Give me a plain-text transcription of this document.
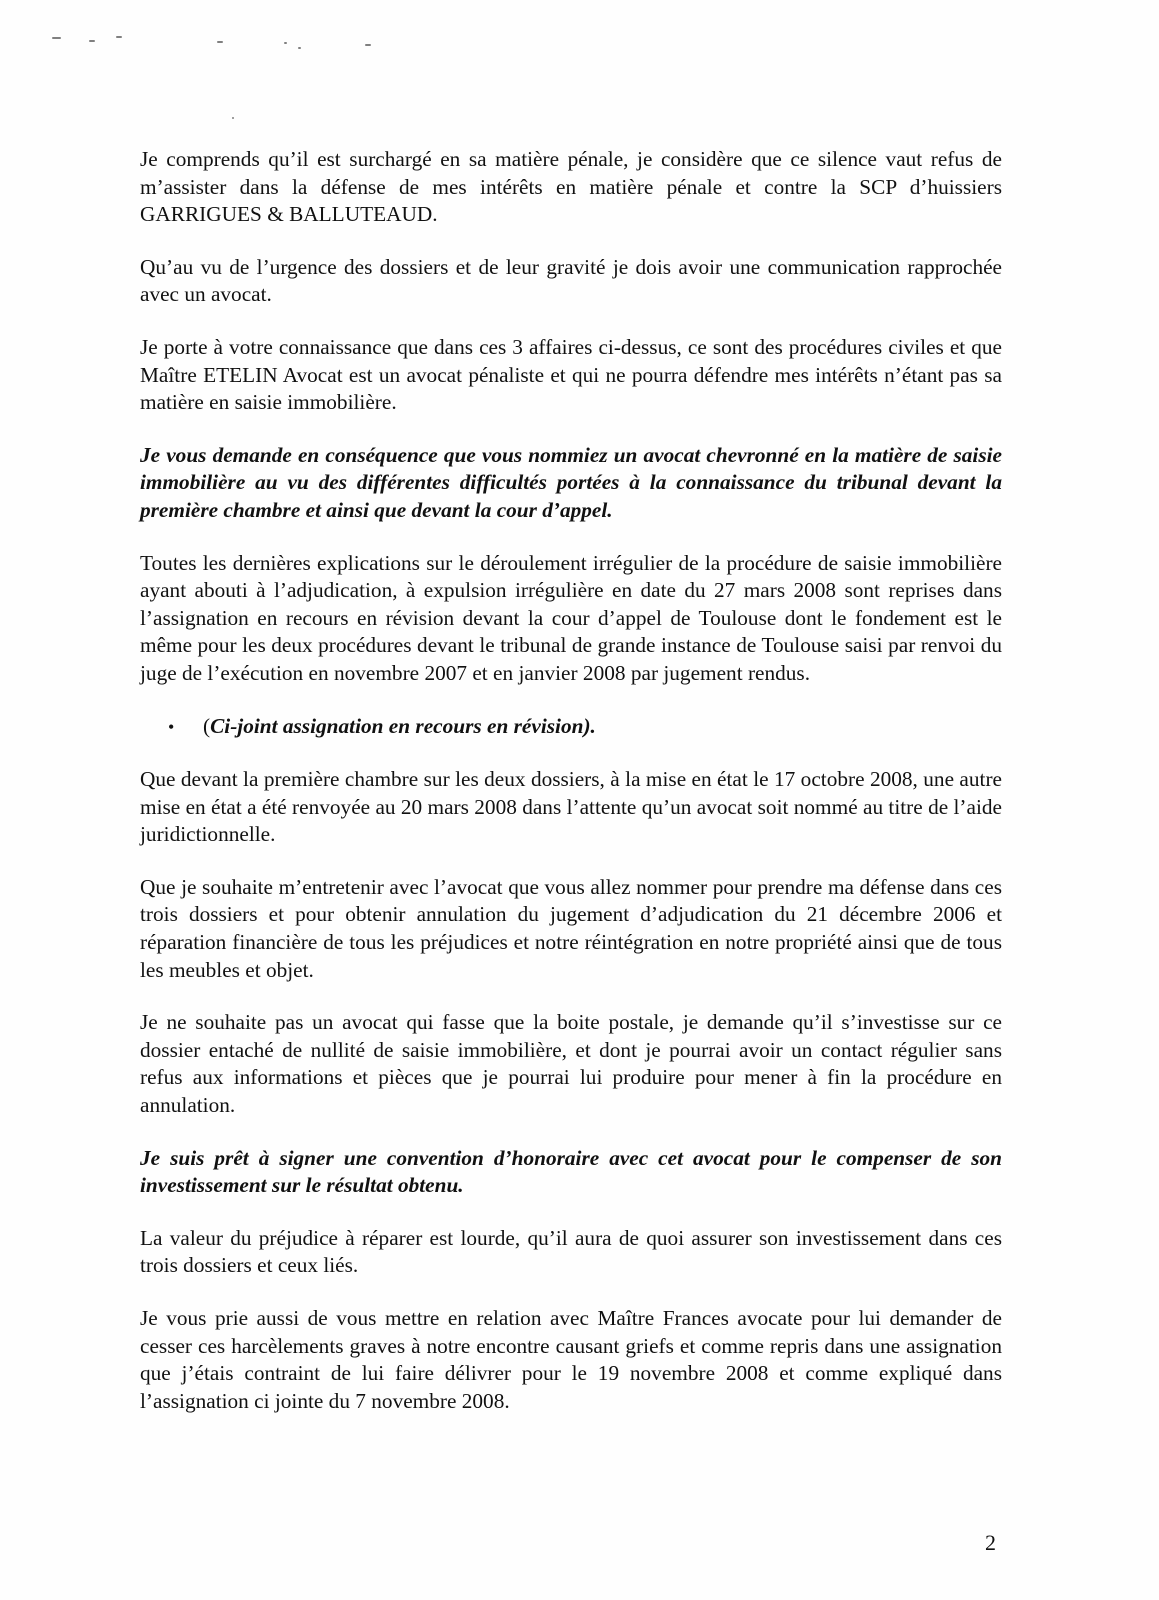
Je comprends qu’il est surchargé en sa matière pénale, je considère que ce silence vaut refus de m’assister dans la défense de mes intérêts en matière pénale et contre la SCP d’huissiers GARRIGUES & BALLUTEAUD.

Qu’au vu de l’urgence des dossiers et de leur gravité je dois avoir une communication rapprochée avec un avocat.

Je porte à votre connaissance que dans ces 3 affaires ci-dessus, ce sont des procédures civiles et que Maître ETELIN Avocat est un avocat pénaliste et qui ne pourra défendre mes intérêts n’étant pas sa matière en saisie immobilière.

Je vous demande en conséquence que vous nommiez un avocat chevronné en la matière de saisie immobilière au vu des différentes difficultés portées à la connaissance du tribunal devant la première chambre et ainsi que devant la cour d’appel.

Toutes les dernières explications sur le déroulement irrégulier de la procédure de saisie immobilière ayant abouti à l’adjudication, à expulsion irrégulière en date du 27 mars 2008 sont reprises dans l’assignation en recours en révision devant la cour d’appel de Toulouse dont le fondement est le même pour les deux procédures devant le tribunal de grande instance de Toulouse saisi par renvoi du juge de l’exécution en novembre 2007 et en janvier 2008 par jugement rendus.

•	(Ci-joint assignation en recours en révision).

Que devant la première chambre sur les deux dossiers, à la mise en état le 17 octobre 2008, une autre mise en état a été renvoyée au 20 mars 2008 dans l’attente qu’un avocat soit nommé au titre de l’aide juridictionnelle.

Que je souhaite m’entretenir avec l’avocat que vous allez nommer pour prendre ma défense dans ces trois dossiers et pour obtenir annulation du jugement d’adjudication du 21 décembre 2006 et réparation financière de tous les préjudices et notre réintégration en notre propriété ainsi que de tous les meubles et objet.

Je ne souhaite pas un avocat qui fasse que la boite postale, je demande qu’il s’investisse sur ce dossier entaché de nullité de saisie immobilière, et dont je pourrai avoir un contact régulier sans refus aux informations et pièces que je pourrai lui produire pour mener à fin la procédure en annulation.

Je suis prêt à signer une convention d’honoraire avec cet avocat pour le compenser de son investissement sur le résultat obtenu.

La valeur du préjudice à réparer est lourde, qu’il aura de quoi assurer son investissement dans ces trois dossiers et ceux liés.

Je vous prie aussi de vous mettre en relation avec Maître Frances avocate pour lui demander de cesser ces harcèlements graves à notre encontre causant griefs et comme repris dans une assignation que j’étais contraint de lui faire délivrer pour le 19 novembre 2008 et comme expliqué dans l’assignation ci jointe du 7 novembre 2008.

2
